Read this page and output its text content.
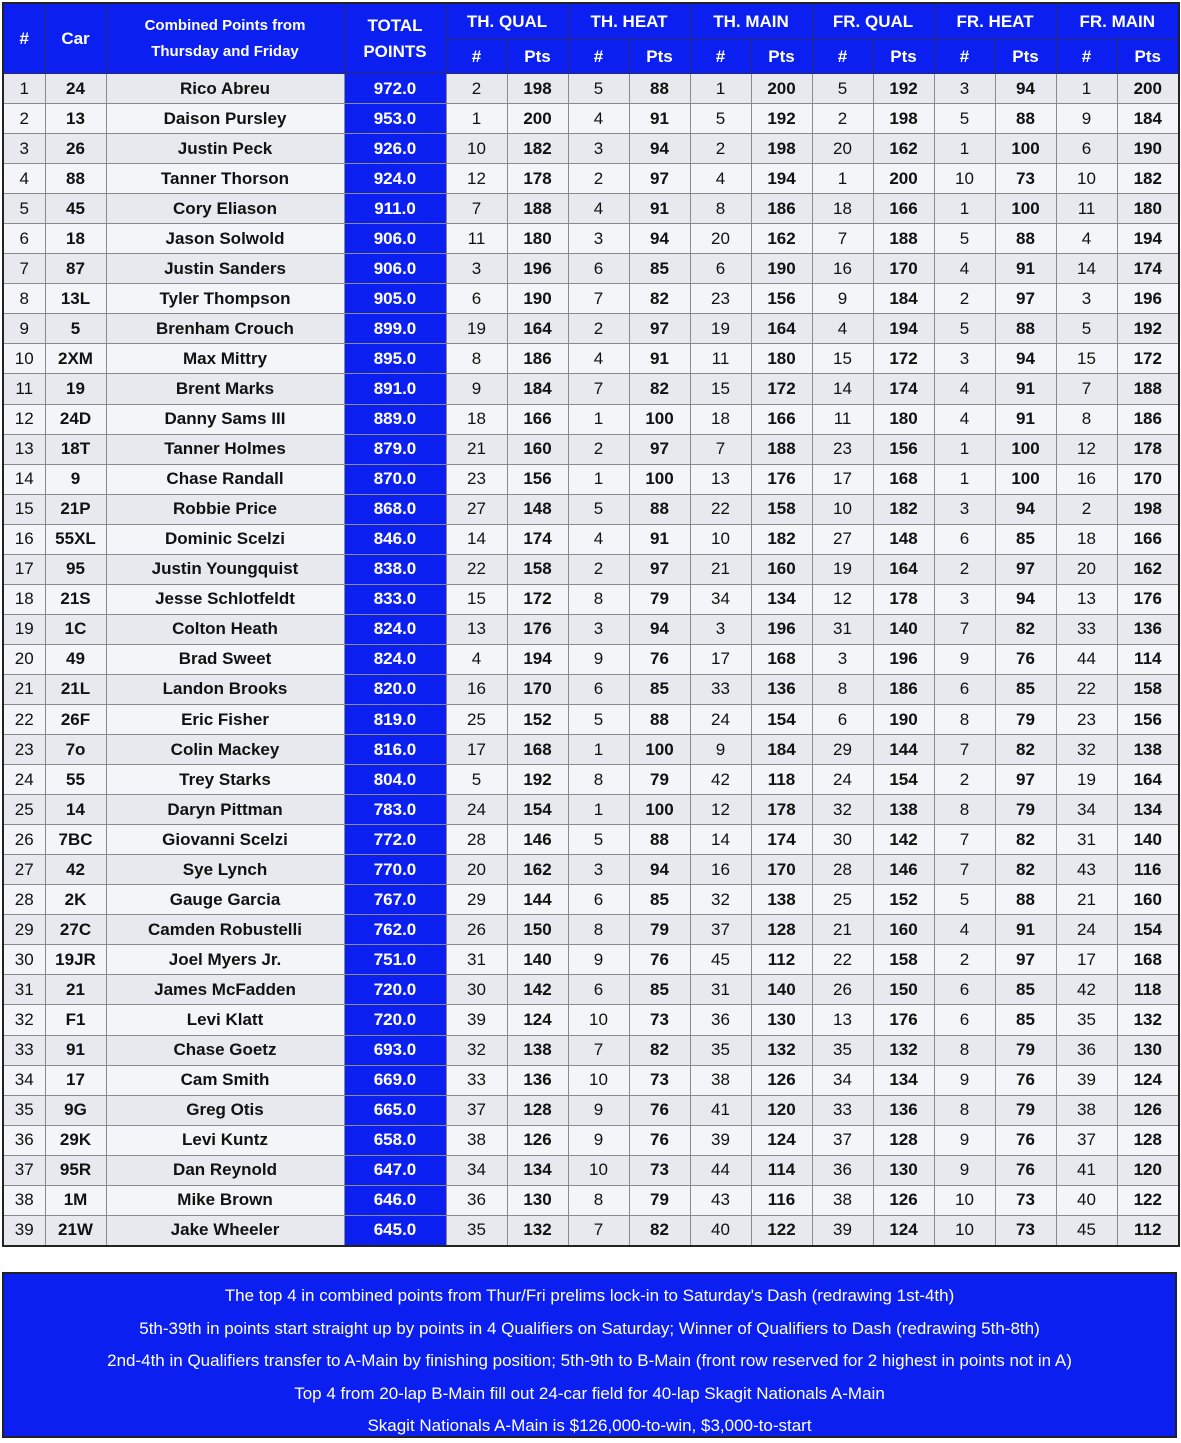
#	Car	Combined Points from
Thursday and Friday	TOTAL
POINTS	TH. QUAL		TH. HEAT		TH. MAIN		FR. QUAL		FR. HEAT		FR. MAIN	
				#	Pts	#	Pts	#	Pts	#	Pts	#	Pts	#	Pts
1	24	Rico Abreu	972.0	2	198	5	88	1	200	5	192	3	94	1	200
2	13	Daison Pursley	953.0	1	200	4	91	5	192	2	198	5	88	9	184
3	26	Justin Peck	926.0	10	182	3	94	2	198	20	162	1	100	6	190
4	88	Tanner Thorson	924.0	12	178	2	97	4	194	1	200	10	73	10	182
5	45	Cory Eliason	911.0	7	188	4	91	8	186	18	166	1	100	11	180
6	18	Jason Solwold	906.0	11	180	3	94	20	162	7	188	5	88	4	194
7	87	Justin Sanders	906.0	3	196	6	85	6	190	16	170	4	91	14	174
8	13L	Tyler Thompson	905.0	6	190	7	82	23	156	9	184	2	97	3	196
9	5	Brenham Crouch	899.0	19	164	2	97	19	164	4	194	5	88	5	192
10	2XM	Max Mittry	895.0	8	186	4	91	11	180	15	172	3	94	15	172
11	19	Brent Marks	891.0	9	184	7	82	15	172	14	174	4	91	7	188
12	24D	Danny Sams III	889.0	18	166	1	100	18	166	11	180	4	91	8	186
13	18T	Tanner Holmes	879.0	21	160	2	97	7	188	23	156	1	100	12	178
14	9	Chase Randall	870.0	23	156	1	100	13	176	17	168	1	100	16	170
15	21P	Robbie Price	868.0	27	148	5	88	22	158	10	182	3	94	2	198
16	55XL	Dominic Scelzi	846.0	14	174	4	91	10	182	27	148	6	85	18	166
17	95	Justin Youngquist	838.0	22	158	2	97	21	160	19	164	2	97	20	162
18	21S	Jesse Schlotfeldt	833.0	15	172	8	79	34	134	12	178	3	94	13	176
19	1C	Colton Heath	824.0	13	176	3	94	3	196	31	140	7	82	33	136
20	49	Brad Sweet	824.0	4	194	9	76	17	168	3	196	9	76	44	114
21	21L	Landon Brooks	820.0	16	170	6	85	33	136	8	186	6	85	22	158
22	26F	Eric Fisher	819.0	25	152	5	88	24	154	6	190	8	79	23	156
23	7o	Colin Mackey	816.0	17	168	1	100	9	184	29	144	7	82	32	138
24	55	Trey Starks	804.0	5	192	8	79	42	118	24	154	2	97	19	164
25	14	Daryn Pittman	783.0	24	154	1	100	12	178	32	138	8	79	34	134
26	7BC	Giovanni Scelzi	772.0	28	146	5	88	14	174	30	142	7	82	31	140
27	42	Sye Lynch	770.0	20	162	3	94	16	170	28	146	7	82	43	116
28	2K	Gauge Garcia	767.0	29	144	6	85	32	138	25	152	5	88	21	160
29	27C	Camden Robustelli	762.0	26	150	8	79	37	128	21	160	4	91	24	154
30	19JR	Joel Myers Jr.	751.0	31	140	9	76	45	112	22	158	2	97	17	168
31	21	James McFadden	720.0	30	142	6	85	31	140	26	150	6	85	42	118
32	F1	Levi Klatt	720.0	39	124	10	73	36	130	13	176	6	85	35	132
33	91	Chase Goetz	693.0	32	138	7	82	35	132	35	132	8	79	36	130
34	17	Cam Smith	669.0	33	136	10	73	38	126	34	134	9	76	39	124
35	9G	Greg Otis	665.0	37	128	9	76	41	120	33	136	8	79	38	126
36	29K	Levi Kuntz	658.0	38	126	9	76	39	124	37	128	9	76	37	128
37	95R	Dan Reynold	647.0	34	134	10	73	44	114	36	130	9	76	41	120
38	1M	Mike Brown	646.0	36	130	8	79	43	116	38	126	10	73	40	122
39	21W	Jake Wheeler	645.0	35	132	7	82	40	122	39	124	10	73	45	112
The top 4 in combined points from Thur/Fri prelims lock-in to Saturday's Dash (redrawing 1st-4th)
5th-39th in points start straight up by points in 4 Qualifiers on Saturday; Winner of Qualifiers to Dash (redrawing 5th-8th)
2nd-4th in Qualifiers transfer to A-Main by finishing position; 5th-9th to B-Main (front row reserved for 2 highest in points not in A)
Top 4 from 20-lap B-Main fill out 24-car field for 40-lap Skagit Nationals A-Main
Skagit Nationals A-Main is $126,000-to-win, $3,000-to-start
